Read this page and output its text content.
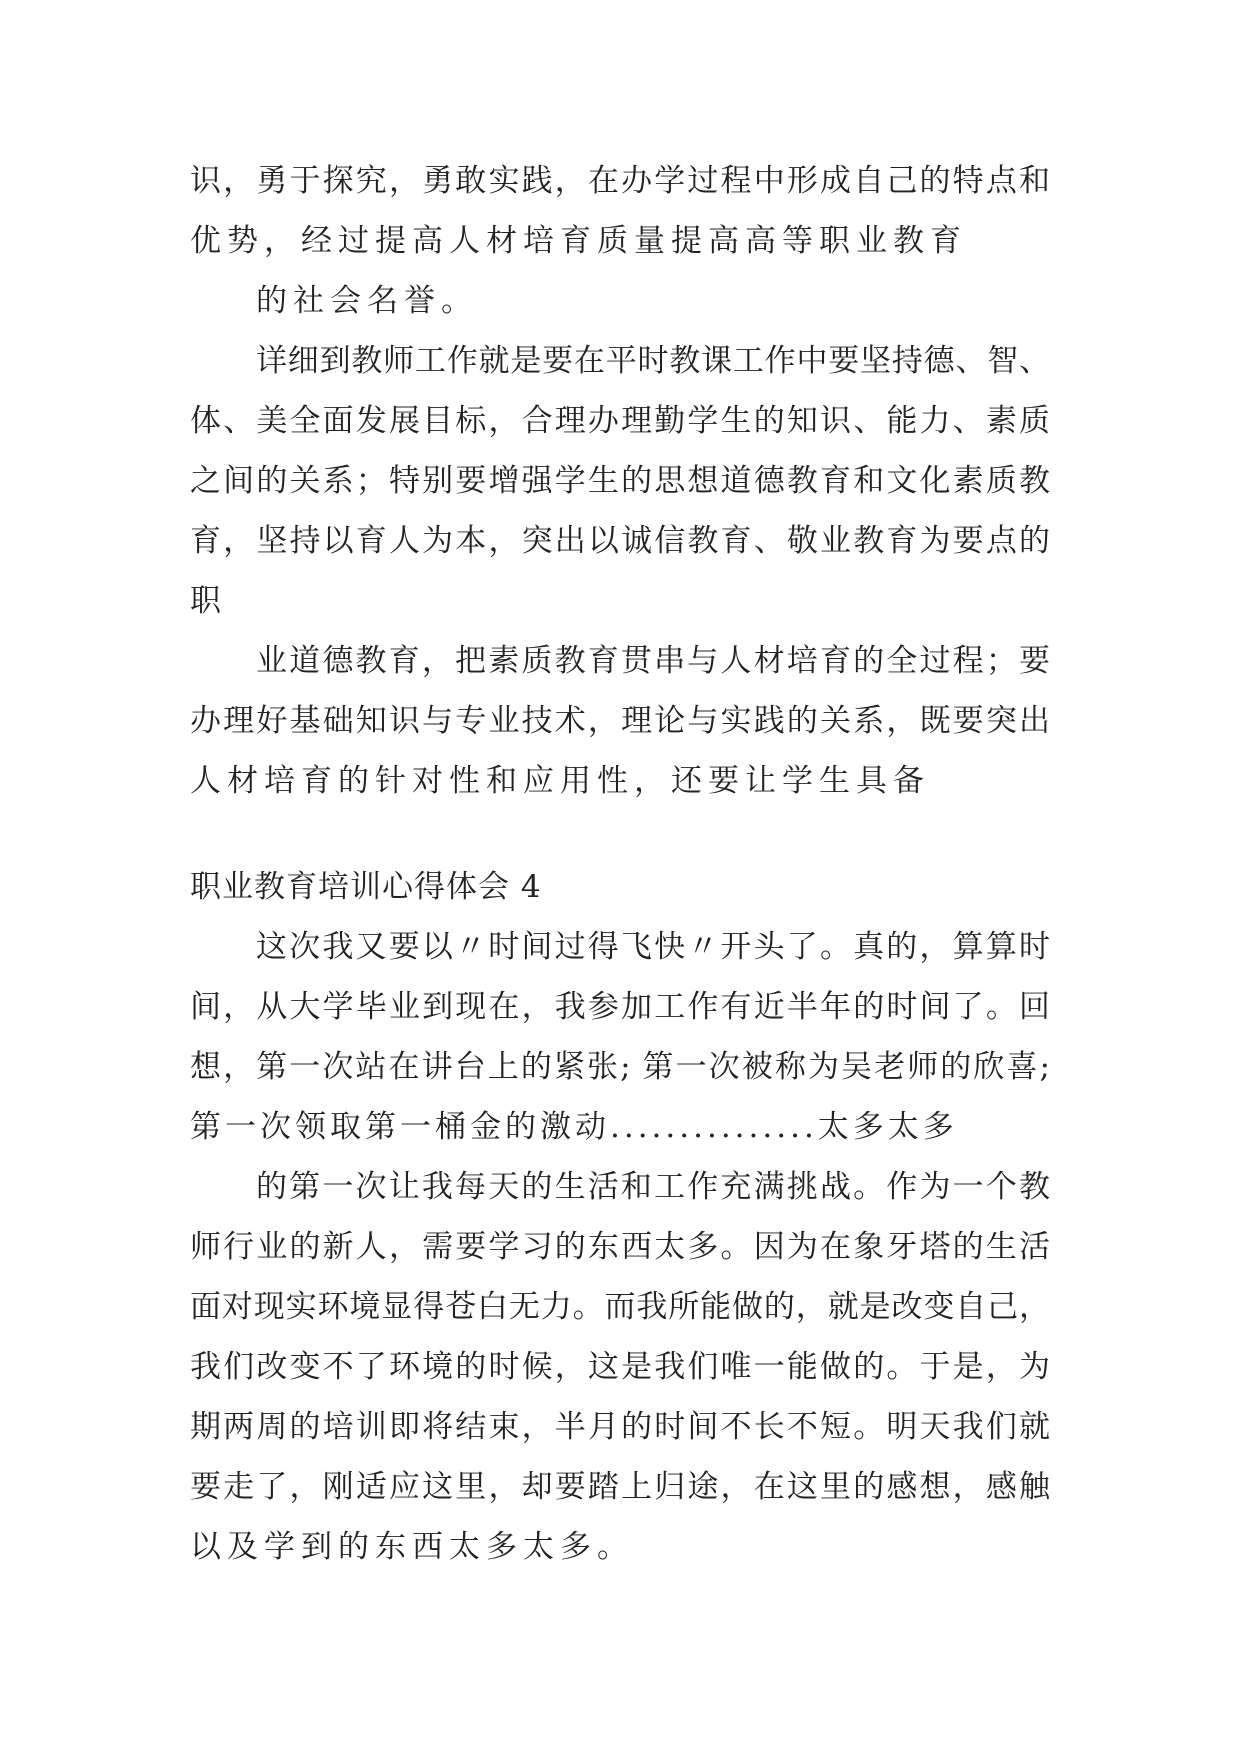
识，勇于探究，勇敢实践，在办学过程中形成自己的特点和

优势，经过提高人材培育质量提高高等职业教育

的社会名誉。

详细到教师工作就是要在平时教课工作中要坚持德、智、

体、美全面发展目标，合理办理勤学生的知识、能力、素质

之间的关系；特别要增强学生的思想道德教育和文化素质教

育，坚持以育人为本，突出以诚信教育、敬业教育为要点的

职

业道德教育，把素质教育贯串与人材培育的全过程；要

办理好基础知识与专业技术，理论与实践的关系，既要突出

人材培育的针对性和应用性，还要让学生具备

职业教育培训心得体会 4

这次我又要以〃时间过得飞快〃开头了。真的，算算时

间，从大学毕业到现在，我参加工作有近半年的时间了。回

想，第一次站在讲台上的紧张; 第一次被称为吴老师的欣喜;

第一次领取第一桶金的激动...............太多太多

的第一次让我每天的生活和工作充满挑战。作为一个教

师行业的新人，需要学习的东西太多。因为在象牙塔的生活

面对现实环境显得苍白无力。而我所能做的，就是改变自己，

我们改变不了环境的时候，这是我们唯一能做的。于是，为

期两周的培训即将结束，半月的时间不长不短。明天我们就

要走了，刚适应这里，却要踏上归途，在这里的感想，感触

以及学到的东西太多太多。
